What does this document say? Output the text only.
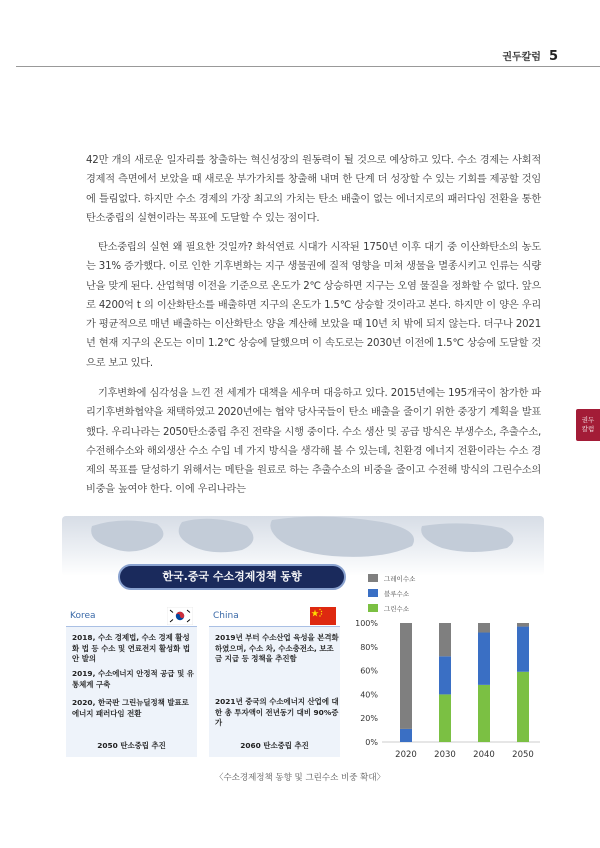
권두칼럼 5

42만 개의 새로운 일자리를 창출하는 혁신성장의 원동력이 될 것으로 예상하고 있다. 수소 경제는 사회적 경제적 측면에서 보았을 때 새로운 부가가치를 창출해 내며 한 단계 더 성장할 수 있는 기회를 제공할 것임에 틀림없다. 하지만 수소 경제의 가장 최고의 가치는 탄소 배출이 없는 에너지로의 패러다임 전환을 통한 탄소중립의 실현이라는 목표에 도달할 수 있는 점이다.

탄소중립의 실현 왜 필요한 것일까? 화석연료 시대가 시작된 1750년 이후 대기 중 이산화탄소의 농도는 31% 증가했다. 이로 인한 기후변화는 지구 생물권에 질적 영향을 미쳐 생물을 멸종시키고 인류는 식량난을 맞게 된다. 산업혁명 이전을 기준으로 온도가 2℃ 상승하면 지구는 오염 물질을 정화할 수 없다. 앞으로 4200억 t 의 이산화탄소를 배출하면 지구의 온도가 1.5℃ 상승할 것이라고 본다. 하지만 이 양은 우리가 평균적으로 매년 배출하는 이산화탄소 양을 계산해 보았을 때 10년 치 밖에 되지 않는다. 더구나 2021년 현재 지구의 온도는 이미 1.2℃ 상승에 달했으며 이 속도로는 2030년 이전에 1.5℃ 상승에 도달할 것으로 보고 있다.

기후변화에 심각성을 느낀 전 세계가 대책을 세우며 대응하고 있다. 2015년에는 195개국이 참가한 파리기후변화협약을 채택하였고 2020년에는 협약 당사국들이 탄소 배출을 줄이기 위한 중장기 계획을 발표했다. 우리나라는 2050탄소중립 추진 전략을 시행 중이다. 수소 생산 및 공급 방식은 부생수소, 추출수소, 수전해수소와 해외생산 수소 수입 네 가지 방식을 생각해 볼 수 있는데, 친환경 에너지 전환이라는 수소 경제의 목표를 달성하기 위해서는 메탄을 원료로 하는 추출수소의 비중을 줄이고 수전해 방식의 그린수소의 비중을 높여야 한다. 이에 우리나라는

권두
칼럼
한국.중국 수소경제정책 동향
Korea
2018, 수소 경제법, 수소 경제 활성화 법 등 수소 및 연료전지 활성화 법안 발의
2019, 수소에너지 안정적 공급 및 유통체계 구축
2020, 한국판 그린뉴딜정책 발표로 에너지 패러다임 전환
2050 탄소중립 추진
China
2019년 부터 수소산업 육성을 본격화하였으며, 수소 차, 수소충전소, 보조금 지급 등 정책을 추진함
2021년 중국의 수소에너지 산업에 대한 총 투자액이 전년동기 대비 90%증가
2060 탄소중립 추진
그레이수소
블루수소
그린수소
0%
20%
40%
60%
80%
100%
2020 2030 2040 2050
〈수소경제정책 동향 및 그린수소 비중 확대〉
